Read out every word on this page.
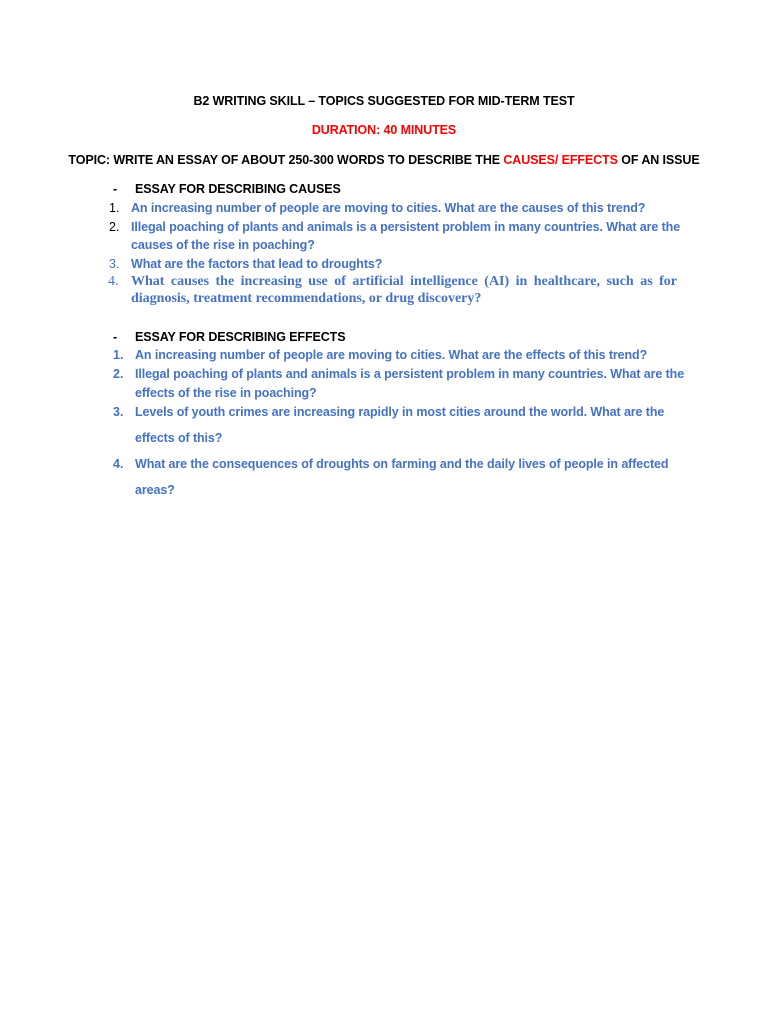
B2 WRITING SKILL – TOPICS SUGGESTED FOR MID-TERM TEST
DURATION: 40 MINUTES
TOPIC: WRITE AN ESSAY OF ABOUT 250-300 WORDS TO DESCRIBE THE CAUSES/ EFFECTS OF AN ISSUE
- ESSAY FOR DESCRIBING CAUSES
1. An increasing number of people are moving to cities. What are the causes of this trend?
2. Illegal poaching of plants and animals is a persistent problem in many countries. What are the
causes of the rise in poaching?
3. What are the factors that lead to droughts?
4. What causes the increasing use of artificial intelligence (AI) in healthcare, such as for
diagnosis, treatment recommendations, or drug discovery?
- ESSAY FOR DESCRIBING EFFECTS
1. An increasing number of people are moving to cities. What are the effects of this trend?
2. Illegal poaching of plants and animals is a persistent problem in many countries. What are the
effects of the rise in poaching?
3. Levels of youth crimes are increasing rapidly in most cities around the world. What are the
effects of this?
4. What are the consequences of droughts on farming and the daily lives of people in affected
areas?
